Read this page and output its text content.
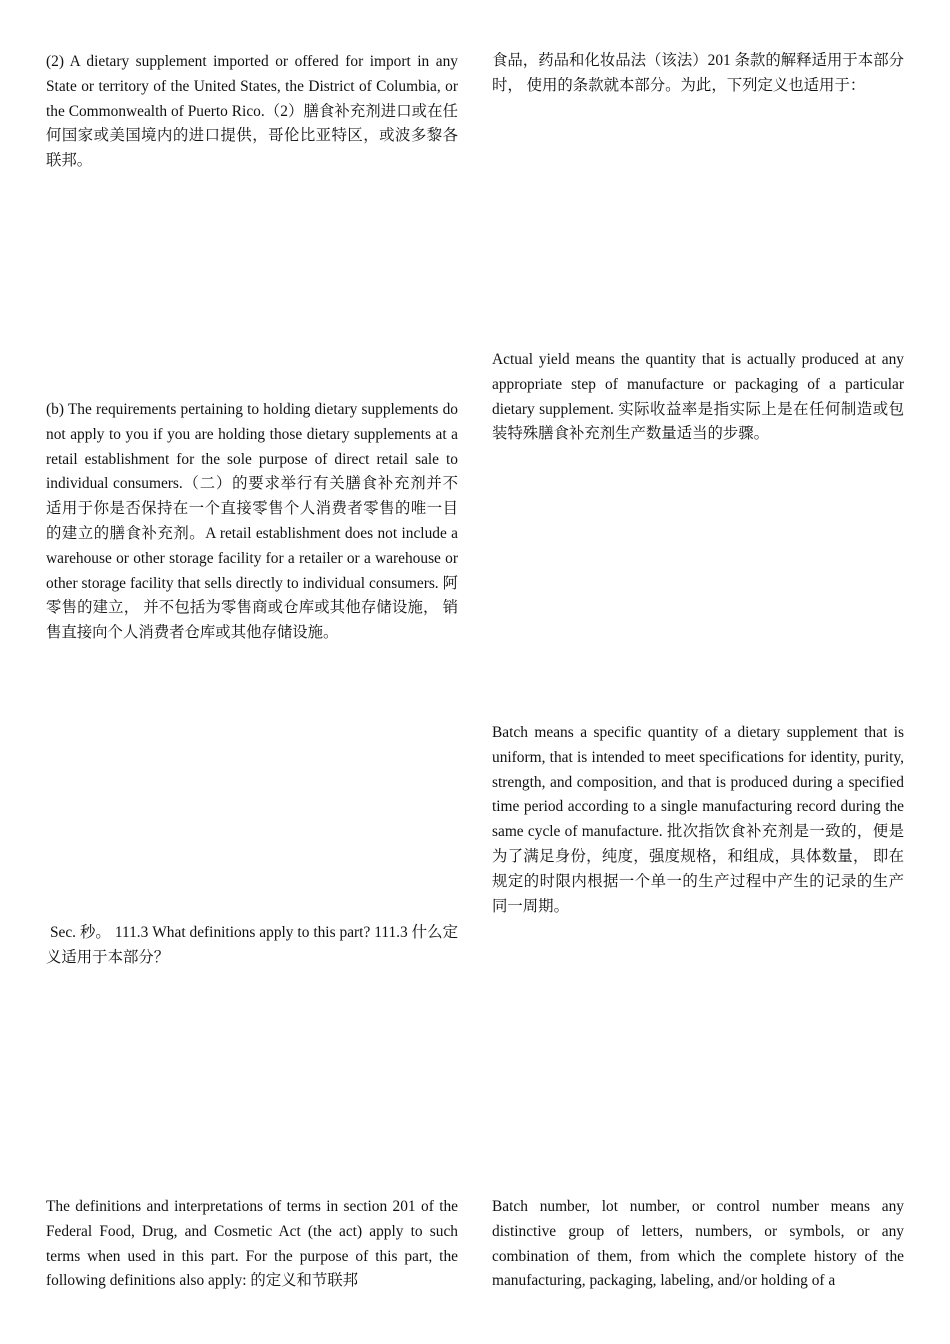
(2) A dietary supplement imported or offered for import in any State or territory of the United States, the District of Columbia, or the Commonwealth of Puerto Rico.（2）膳食补充剂进口或在任何国家或美国境内的进口提供，哥伦比亚特区，或波多黎各联邦。

(b) The requirements pertaining to holding dietary supplements do not apply to you if you are holding those dietary supplements at a retail establishment for the sole purpose of direct retail sale to individual consumers.（二）的要求举行有关膳食补充剂并不适用于你是否保持在一个直接零售个人消费者零售的唯一目的建立的膳食补充剂。A retail establishment does not include a warehouse or other storage facility for a retailer or a warehouse or other storage facility that sells directly to individual consumers. 阿零售的建立， 并不包括为零售商或仓库或其他存储设施， 销售直接向个人消费者仓库或其他存储设施。

Sec. 秒。 111.3 What definitions apply to this part? 111.3 什么定义适用于本部分？

The definitions and interpretations of terms in section 201 of the Federal Food, Drug, and Cosmetic Act (the act) apply to such terms when used in this part. For the purpose of this part, the following definitions also apply: 的定义和节联邦

食品，药品和化妆品法（该法）201 条款的解释适用于本部分时， 使用的条款就本部分。为此，下列定义也适用于：

Actual yield means the quantity that is actually produced at any appropriate step of manufacture or packaging of a particular dietary supplement. 实际收益率是指实际上是在任何制造或包装特殊膳食补充剂生产数量适当的步骤。

Batch means a specific quantity of a dietary supplement that is uniform, that is intended to meet specifications for identity, purity, strength, and composition, and that is produced during a specified time period according to a single manufacturing record during the same cycle of manufacture. 批次指饮食补充剂是一致的，便是为了满足身份，纯度，强度规格，和组成，具体数量， 即在规定的时限内根据一个单一的生产过程中产生的记录的生产同一周期。

Batch number, lot number, or control number means any distinctive group of letters, numbers, or symbols, or any combination of them, from which the complete history of the manufacturing, packaging, labeling, and/or holding of a
